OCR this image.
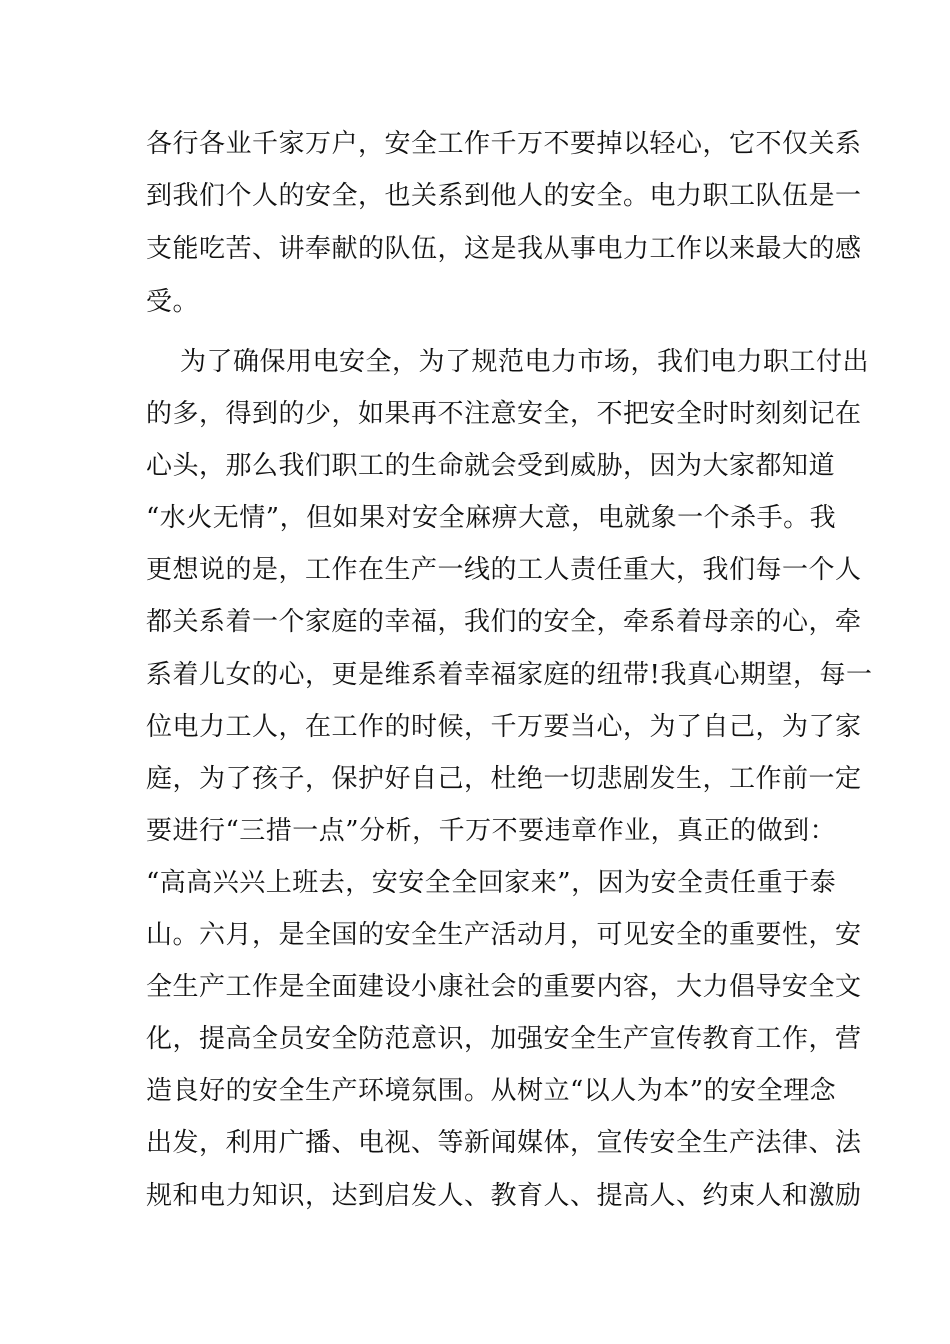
各行各业千家万户，安全工作千万不要掉以轻心，它不仅关系
到我们个人的安全，也关系到他人的安全。电力职工队伍是一
支能吃苦、讲奉献的队伍，这是我从事电力工作以来最大的感
受。
为了确保用电安全，为了规范电力市场，我们电力职工付出
的多，得到的少，如果再不注意安全，不把安全时时刻刻记在
心头，那么我们职工的生命就会受到威胁，因为大家都知道
“水火无情”，但如果对安全麻痹大意，电就象一个杀手。我
更想说的是，工作在生产一线的工人责任重大，我们每一个人
都关系着一个家庭的幸福，我们的安全，牵系着母亲的心，牵
系着儿女的心，更是维系着幸福家庭的纽带!我真心期望，每一
位电力工人，在工作的时候，千万要当心，为了自己，为了家
庭，为了孩子，保护好自己，杜绝一切悲剧发生，工作前一定
要进行“三措一点”分析，千万不要违章作业，真正的做到：
“高高兴兴上班去，安安全全回家来”，因为安全责任重于泰
山。六月，是全国的安全生产活动月，可见安全的重要性，安
全生产工作是全面建设小康社会的重要内容，大力倡导安全文
化，提高全员安全防范意识，加强安全生产宣传教育工作，营
造良好的安全生产环境氛围。从树立“以人为本”的安全理念
出发，利用广播、电视、等新闻媒体，宣传安全生产法律、法
规和电力知识，达到启发人、教育人、提高人、约束人和激励
